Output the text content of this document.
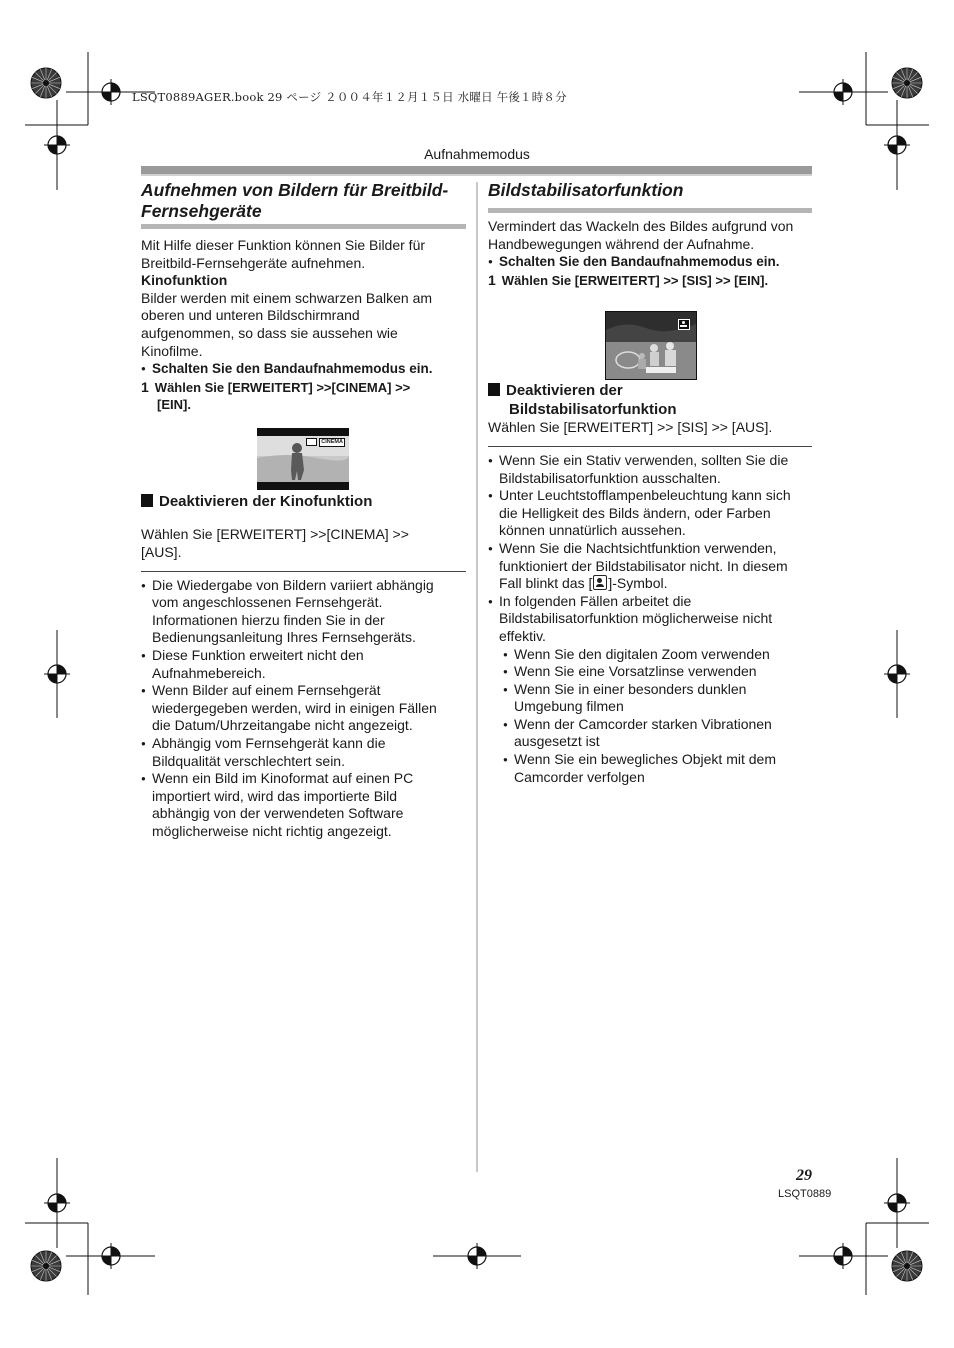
LSQT0889AGER.book 29 ページ ２００４年１２月１５日 水曜日 午後１時８分
Aufnahmemodus
Aufnehmen von Bildern für Breitbild-
Fernsehgeräte
Mit Hilfe dieser Funktion können Sie Bilder für
Breitbild-Fernsehgeräte aufnehmen.
Kinofunktion
Bilder werden mit einem schwarzen Balken am
oberen und unteren Bildschirmrand
aufgenommen, so dass sie aussehen wie
Kinofilme.
● Schalten Sie den Bandaufnahmemodus ein.
1 Wählen Sie [ERWEITERT] >>[CINEMA] >>
[EIN].
CINEMA
Deaktivieren der Kinofunktion
Wählen Sie [ERWEITERT] >>[CINEMA] >>
[AUS].
● Die Wiedergabe von Bildern variiert abhängig
vom angeschlossenen Fernsehgerät.
Informationen hierzu finden Sie in der
Bedienungsanleitung Ihres Fernsehgeräts.
● Diese Funktion erweitert nicht den
Aufnahmebereich.
● Wenn Bilder auf einem Fernsehgerät
wiedergegeben werden, wird in einigen Fällen
die Datum/Uhrzeitangabe nicht angezeigt.
● Abhängig vom Fernsehgerät kann die
Bildqualität verschlechtert sein.
● Wenn ein Bild im Kinoformat auf einen PC
importiert wird, wird das importierte Bild
abhängig von der verwendeten Software
möglicherweise nicht richtig angezeigt.
Bildstabilisatorfunktion
Vermindert das Wackeln des Bildes aufgrund von
Handbewegungen während der Aufnahme.
● Schalten Sie den Bandaufnahmemodus ein.
1 Wählen Sie [ERWEITERT] >> [SIS] >> [EIN].
Deaktivieren der
Bildstabilisatorfunktion
Wählen Sie [ERWEITERT] >> [SIS] >> [AUS].
● Wenn Sie ein Stativ verwenden, sollten Sie die
Bildstabilisatorfunktion ausschalten.
● Unter Leuchtstofflampenbeleuchtung kann sich
die Helligkeit des Bilds ändern, oder Farben
können unnatürlich aussehen.
● Wenn Sie die Nachtsichtfunktion verwenden,
funktioniert der Bildstabilisator nicht. In diesem
Fall blinkt das [ ]-Symbol.
● In folgenden Fällen arbeitet die
Bildstabilisatorfunktion möglicherweise nicht
effektiv.
● Wenn Sie den digitalen Zoom verwenden
● Wenn Sie eine Vorsatzlinse verwenden
● Wenn Sie in einer besonders dunklen
Umgebung filmen
● Wenn der Camcorder starken Vibrationen
ausgesetzt ist
● Wenn Sie ein bewegliches Objekt mit dem
Camcorder verfolgen
29
LSQT0889
